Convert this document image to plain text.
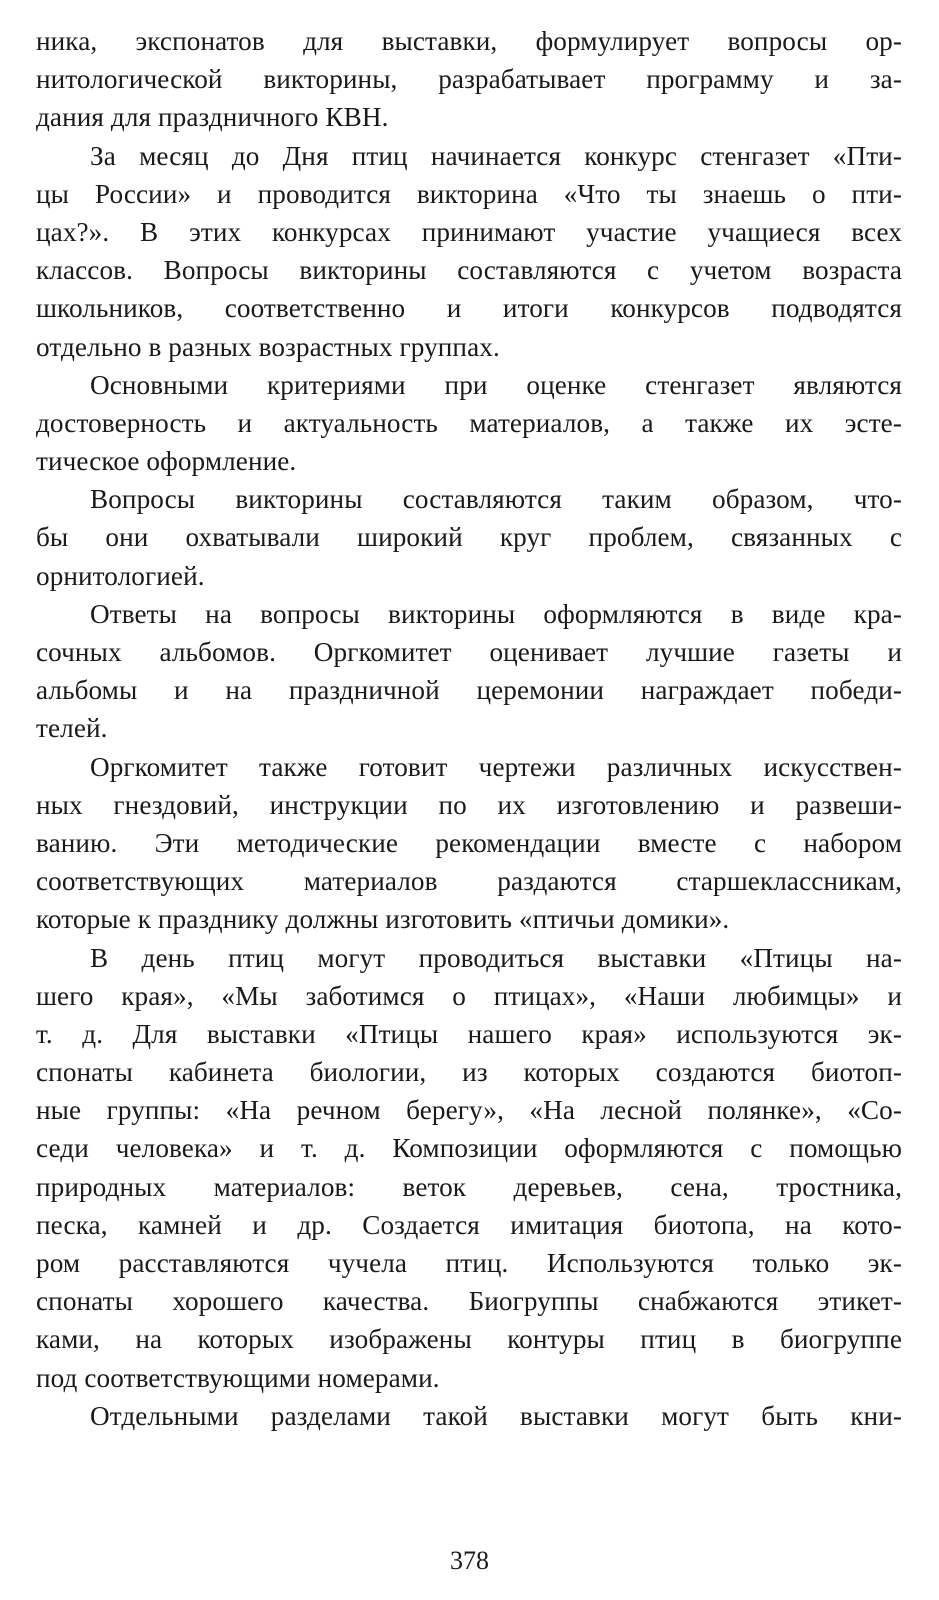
ника, экспонатов для выставки, формулирует вопросы ор-
нитологической викторины, разрабатывает программу и за-
дания для праздничного КВН.
За месяц до Дня птиц начинается конкурс стенгазет «Пти-
цы России» и проводится викторина «Что ты знаешь о пти-
цах?». В этих конкурсах принимают участие учащиеся всех
классов. Вопросы викторины составляются с учетом возраста
школьников, соответственно и итоги конкурсов подводятся
отдельно в разных возрастных группах.
Основными критериями при оценке стенгазет являются
достоверность и актуальность материалов, а также их эсте-
тическое оформление.
Вопросы викторины составляются таким образом, что-
бы они охватывали широкий круг проблем, связанных с
орнитологией.
Ответы на вопросы викторины оформляются в виде кра-
сочных альбомов. Оргкомитет оценивает лучшие газеты и
альбомы и на праздничной церемонии награждает победи-
телей.
Оргкомитет также готовит чертежи различных искусствен-
ных гнездовий, инструкции по их изготовлению и развеши-
ванию. Эти методические рекомендации вместе с набором
соответствующих материалов раздаются старшеклассникам,
которые к празднику должны изготовить «птичьи домики».
В день птиц могут проводиться выставки «Птицы на-
шего края», «Мы заботимся о птицах», «Наши любимцы» и
т. д. Для выставки «Птицы нашего края» используются эк-
спонаты кабинета биологии, из которых создаются биотоп-
ные группы: «На речном берегу», «На лесной полянке», «Со-
седи человека» и т. д. Композиции оформляются с помощью
природных материалов: веток деревьев, сена, тростника,
песка, камней и др. Создается имитация биотопа, на кото-
ром расставляются чучела птиц. Используются только эк-
спонаты хорошего качества. Биогруппы снабжаются этикет-
ками, на которых изображены контуры птиц в биогруппе
под соответствующими номерами.
Отдельными разделами такой выставки могут быть кни-
378
